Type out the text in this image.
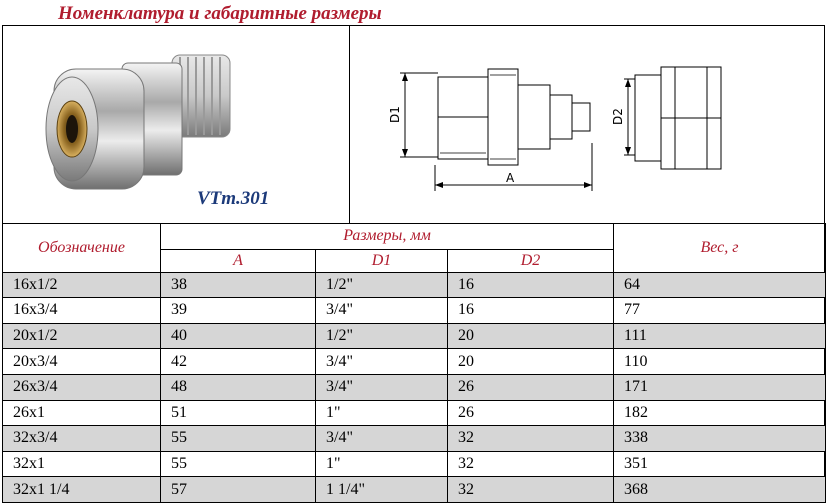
Номенклатура и габаритные размеры
VTm.301
D1	D2
A
Обозначение	Размеры, мм			Вес, г
	A	D1	D2	
16x1/2	38	1/2"	16	64
16x3/4	39	3/4"	16	77
20x1/2	40	1/2"	20	111
20x3/4	42	3/4"	20	110
26x3/4	48	3/4"	26	171
26x1	51	1"	26	182
32x3/4	55	3/4"	32	338
32x1	55	1"	32	351
32x1 1/4	57	1 1/4"	32	368
